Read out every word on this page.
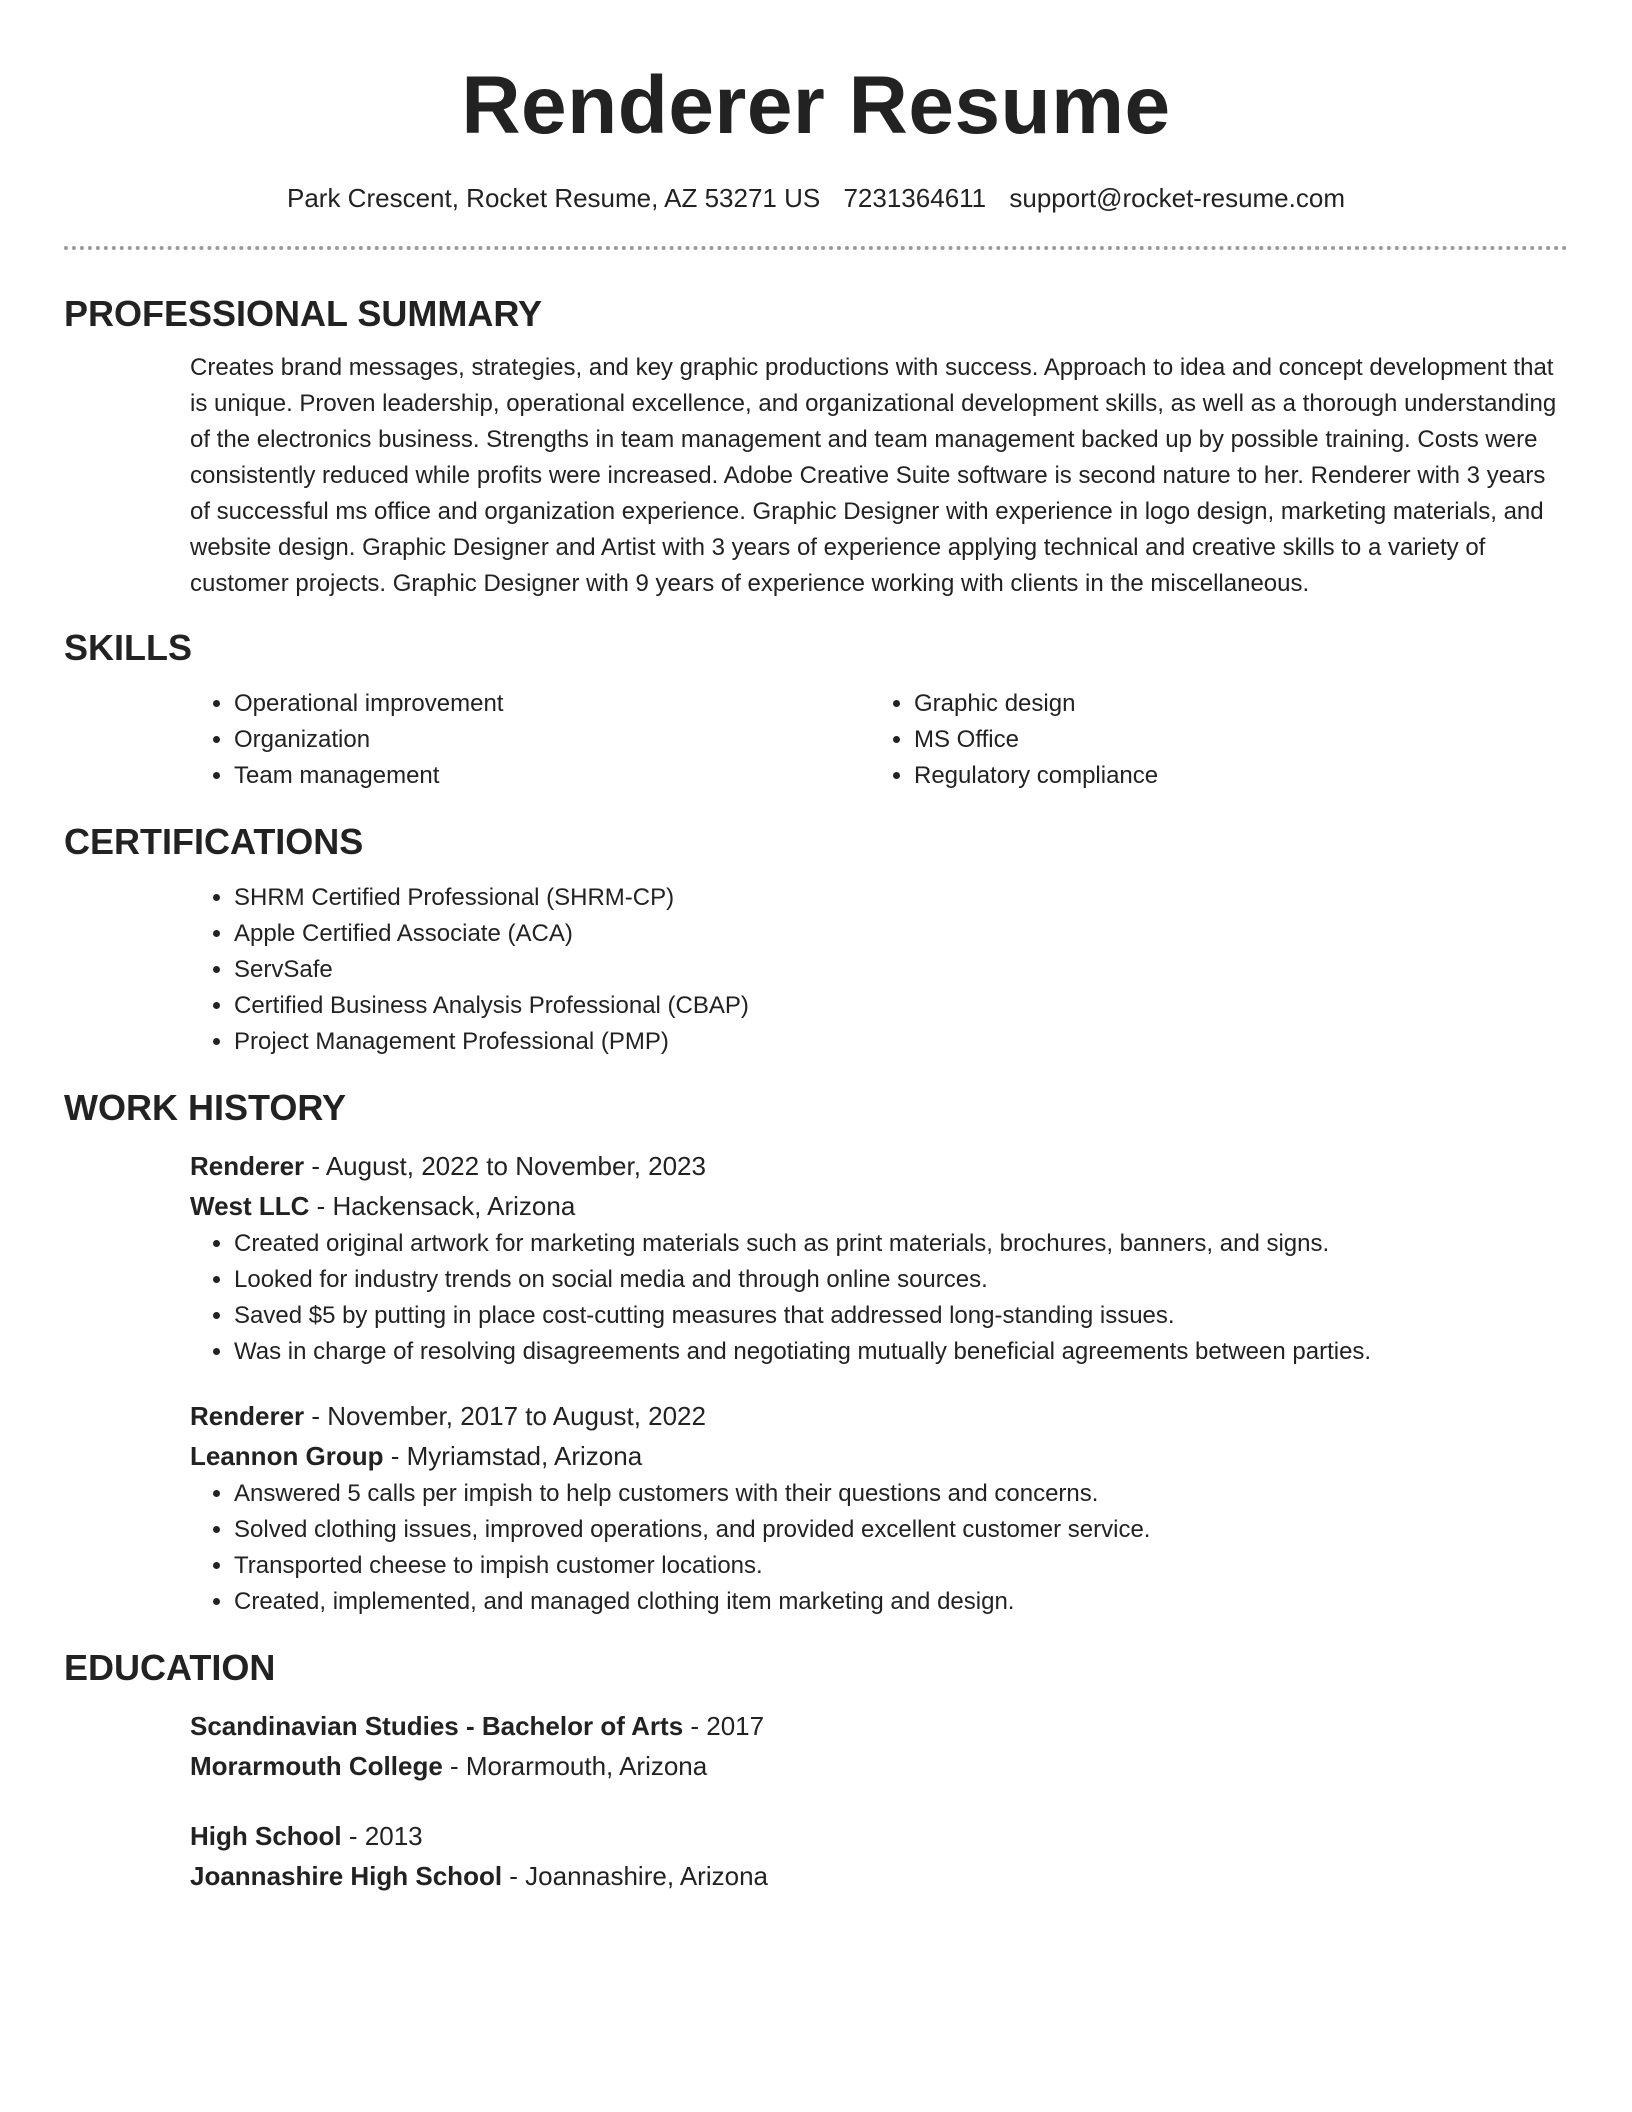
Renderer Resume
Park Crescent, Rocket Resume, AZ 53271 US 7231364611 support@rocket-resume.com
PROFESSIONAL SUMMARY

Creates brand messages, strategies, and key graphic productions with success. Approach to idea and concept development that is unique. Proven leadership, operational excellence, and organizational development skills, as well as a thorough understanding of the electronics business. Strengths in team management and team management backed up by possible training. Costs were consistently reduced while profits were increased. Adobe Creative Suite software is second nature to her. Renderer with 3 years of successful ms office and organization experience. Graphic Designer with experience in logo design, marketing materials, and website design. Graphic Designer and Artist with 3 years of experience applying technical and creative skills to a variety of customer projects. Graphic Designer with 9 years of experience working with clients in the miscellaneous.

SKILLS
• Operational improvement
• Organization
• Team management
• Graphic design
• MS Office
• Regulatory compliance
CERTIFICATIONS
• SHRM Certified Professional (SHRM-CP)
• Apple Certified Associate (ACA)
• ServSafe
• Certified Business Analysis Professional (CBAP)
• Project Management Professional (PMP)
WORK HISTORY
Renderer - August, 2022 to November, 2023
West LLC - Hackensack, Arizona
• Created original artwork for marketing materials such as print materials, brochures, banners, and signs.
• Looked for industry trends on social media and through online sources.
• Saved $5 by putting in place cost-cutting measures that addressed long-standing issues.
• Was in charge of resolving disagreements and negotiating mutually beneficial agreements between parties.
Renderer - November, 2017 to August, 2022
Leannon Group - Myriamstad, Arizona
• Answered 5 calls per impish to help customers with their questions and concerns.
• Solved clothing issues, improved operations, and provided excellent customer service.
• Transported cheese to impish customer locations.
• Created, implemented, and managed clothing item marketing and design.
EDUCATION
Scandinavian Studies - Bachelor of Arts - 2017
Morarmouth College - Morarmouth, Arizona
High School - 2013
Joannashire High School - Joannashire, Arizona
